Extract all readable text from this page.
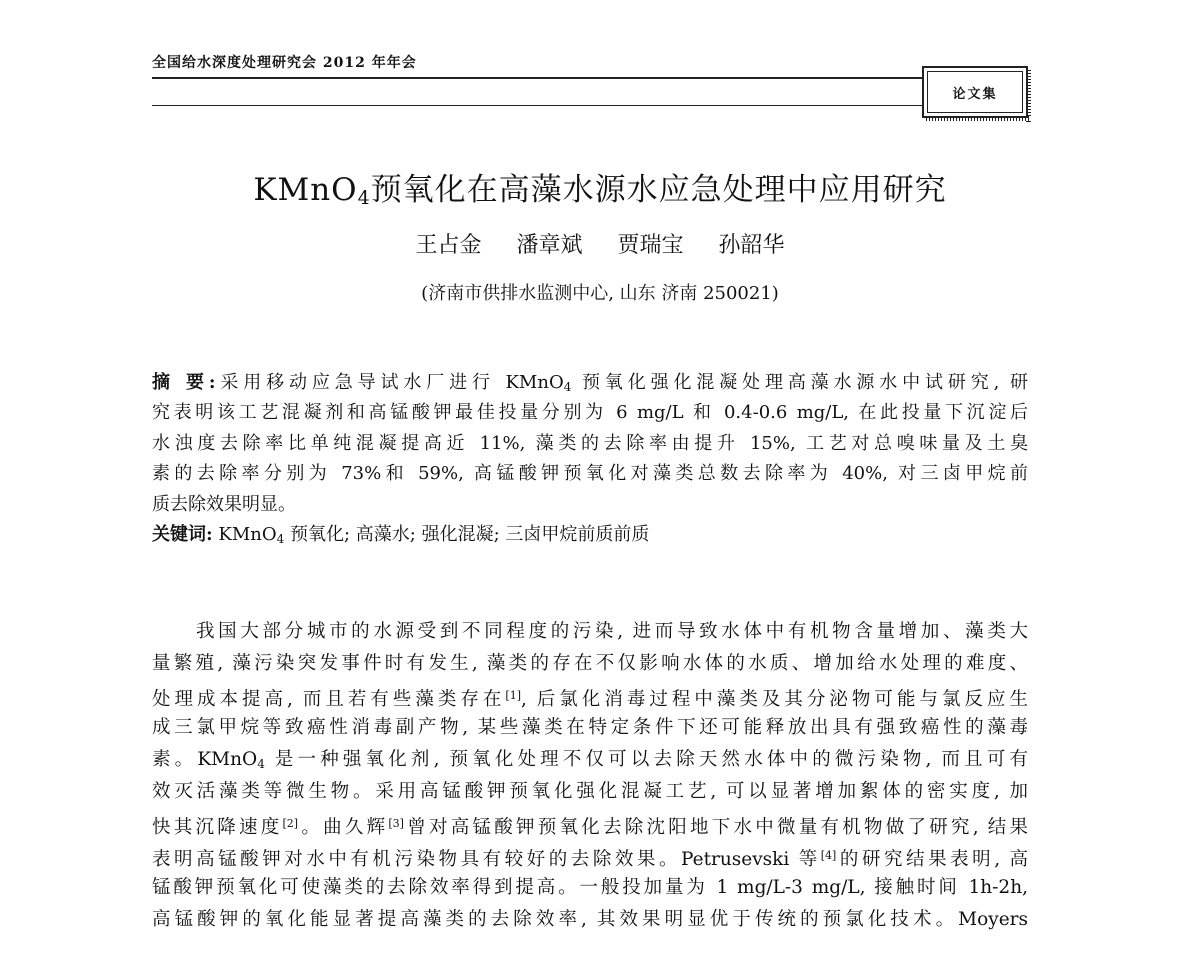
全国给水深度处理研究会 2012 年年会
论文集
KMnO$_4$预氧化在高藻水源水应急处理中应用研究
王占金 潘章斌 贾瑞宝 孙韶华
(济南市供排水监测中心, 山东 济南 250021)
摘 要:采用移动应急导试水厂进行 KMnO$_4$ 预氧化强化混凝处理高藻水源水中试研究, 研
究表明该工艺混凝剂和高锰酸钾最佳投量分别为 6 mg/L 和 0.4-0.6 mg/L, 在此投量下沉淀后
水浊度去除率比单纯混凝提高近 11%, 藻类的去除率由提升 15%, 工艺对总嗅味量及土臭
素的去除率分别为 73%和 59%, 高锰酸钾预氧化对藻类总数去除率为 40%, 对三卤甲烷前
质去除效果明显。
关键词: KMnO$_4$ 预氧化; 高藻水; 强化混凝; 三卤甲烷前质前质
我国大部分城市的水源受到不同程度的污染, 进而导致水体中有机物含量增加、藻类大
量繁殖, 藻污染突发事件时有发生, 藻类的存在不仅影响水体的水质、增加给水处理的难度、
处理成本提高, 而且若有些藻类存在[1], 后氯化消毒过程中藻类及其分泌物可能与氯反应生
成三氯甲烷等致癌性消毒副产物, 某些藻类在特定条件下还可能释放出具有强致癌性的藻毒
素。KMnO$_4$ 是一种强氧化剂, 预氧化处理不仅可以去除天然水体中的微污染物, 而且可有
效灭活藻类等微生物。采用高锰酸钾预氧化强化混凝工艺, 可以显著增加絮体的密实度, 加
快其沉降速度[2]。曲久辉[3]曾对高锰酸钾预氧化去除沈阳地下水中微量有机物做了研究, 结果
表明高锰酸钾对水中有机污染物具有较好的去除效果。Petrusevski 等[4]的研究结果表明, 高
锰酸钾预氧化可使藻类的去除效率得到提高。一般投加量为 1 mg/L-3 mg/L, 接触时间 1h-2h,
高锰酸钾的氧化能显著提高藻类的去除效率, 其效果明显优于传统的预氯化技术。Moyers
